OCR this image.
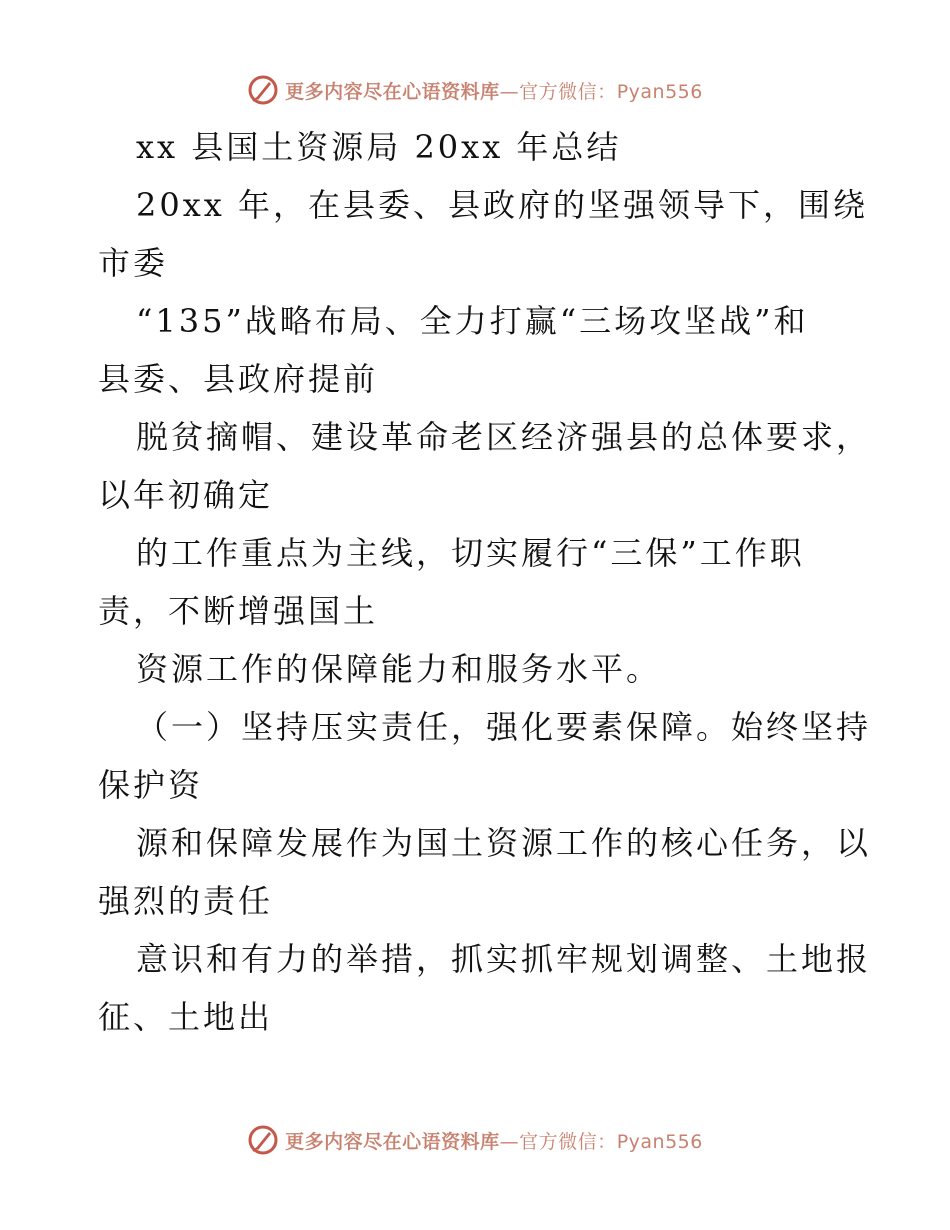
更多内容尽在心语资料库—官方微信：Pyan556
xx 县国土资源局 20xx 年总结
20xx 年，在县委、县政府的坚强领导下，围绕
市委
“135”战略布局、全力打赢“三场攻坚战”和
县委、县政府提前
脱贫摘帽、建设革命老区经济强县的总体要求，
以年初确定
的工作重点为主线，切实履行“三保”工作职
责，不断增强国土
资源工作的保障能力和服务水平。
（一）坚持压实责任，强化要素保障。始终坚持
保护资
源和保障发展作为国土资源工作的核心任务，以
强烈的责任
意识和有力的举措，抓实抓牢规划调整、土地报
征、土地出
更多内容尽在心语资料库—官方微信：Pyan556
